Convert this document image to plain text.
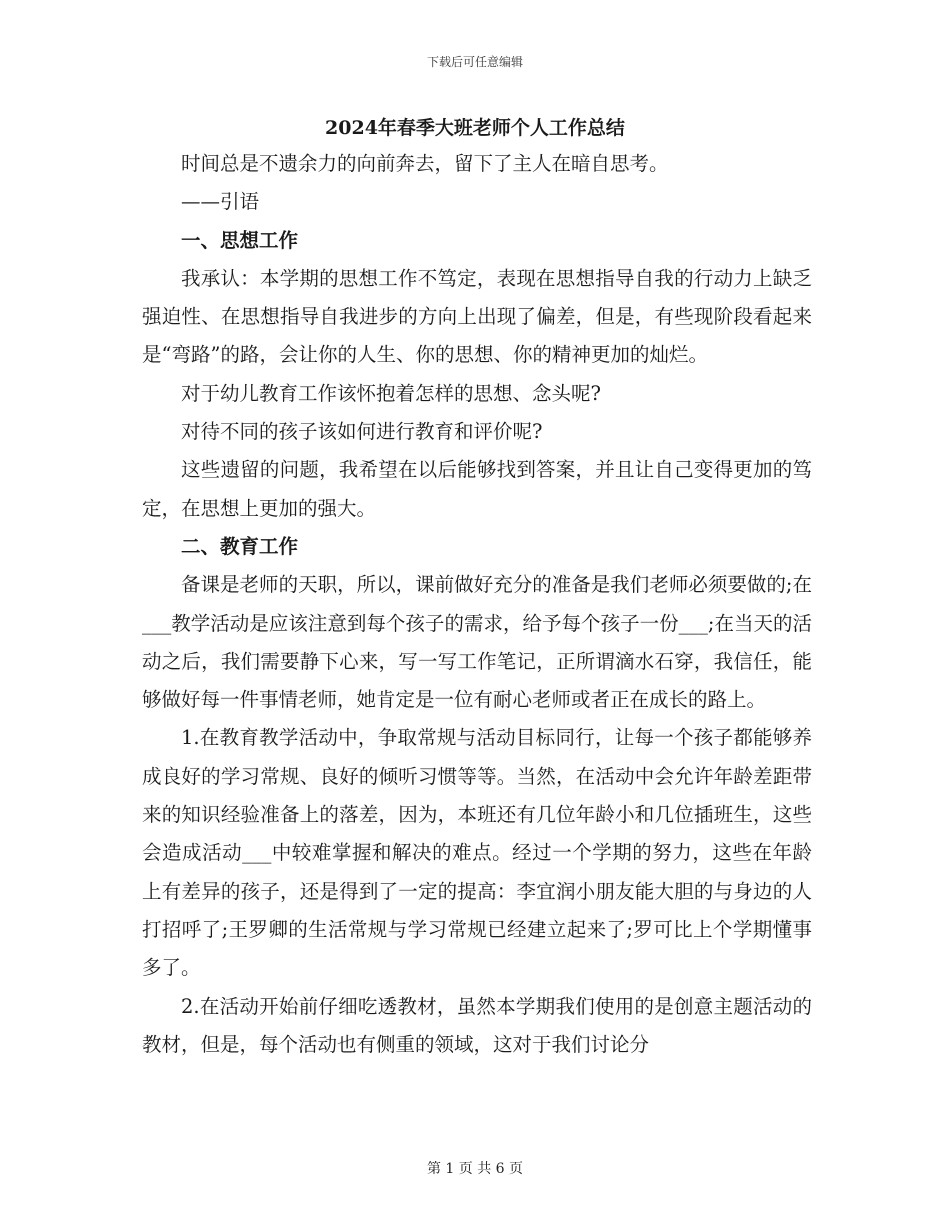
下载后可任意编辑
2024年春季大班老师个人工作总结

时间总是不遗余力的向前奔去，留下了主人在暗自思考。

——引语

一、思想工作

我承认：本学期的思想工作不笃定，表现在思想指导自我的行动力上缺乏强迫性、在思想指导自我进步的方向上出现了偏差，但是，有些现阶段看起来是“弯路”的路，会让你的人生、你的思想、你的精神更加的灿烂。

对于幼儿教育工作该怀抱着怎样的思想、念头呢?

对待不同的孩子该如何进行教育和评价呢?

这些遗留的问题，我希望在以后能够找到答案，并且让自己变得更加的笃定，在思想上更加的强大。

二、教育工作

备课是老师的天职，所以，课前做好充分的准备是我们老师必须要做的;在___教学活动是应该注意到每个孩子的需求，给予每个孩子一份___;在当天的活动之后，我们需要静下心来，写一写工作笔记，正所谓滴水石穿，我信任，能够做好每一件事情老师，她肯定是一位有耐心老师或者正在成长的路上。

1.在教育教学活动中，争取常规与活动目标同行，让每一个孩子都能够养成良好的学习常规、良好的倾听习惯等等。当然，在活动中会允许年龄差距带来的知识经验准备上的落差，因为，本班还有几位年龄小和几位插班生，这些会造成活动___中较难掌握和解决的难点。经过一个学期的努力，这些在年龄上有差异的孩子，还是得到了一定的提高：李宜润小朋友能大胆的与身边的人打招呼了;王罗卿的生活常规与学习常规已经建立起来了;罗可比上个学期懂事多了。

2.在活动开始前仔细吃透教材，虽然本学期我们使用的是创意主题活动的教材，但是，每个活动也有侧重的领域，这对于我们讨论分

第 1 页 共 6 页
